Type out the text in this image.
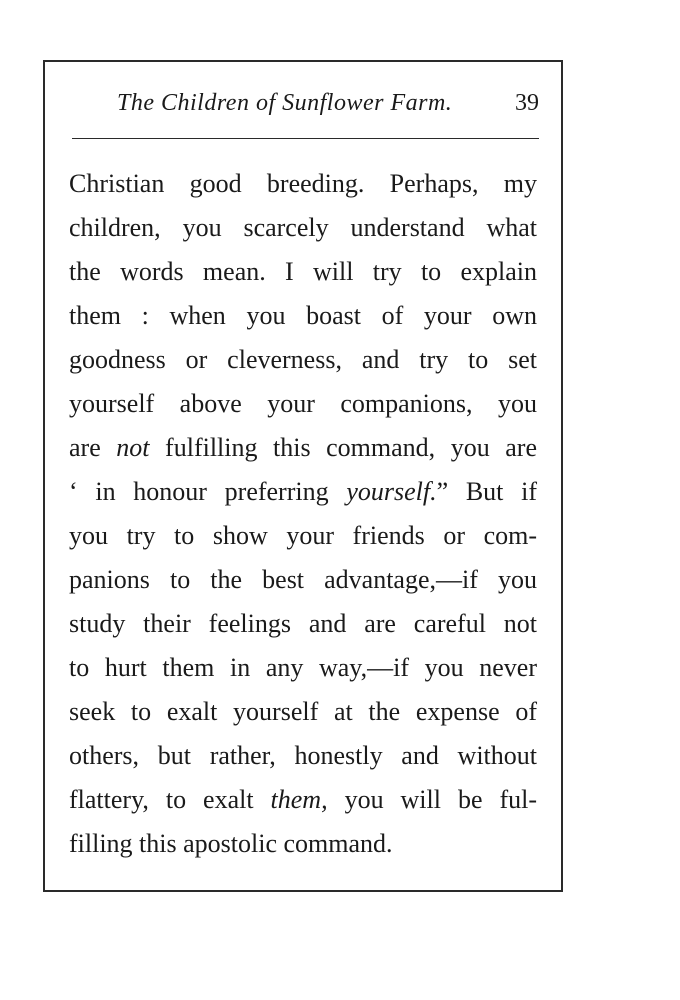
The Children of Sunflower Farm.	39
Christian good breeding. Perhaps, my
children, you scarcely understand what
the words mean. I will try to explain
them : when you boast of your own
goodness or cleverness, and try to set
yourself above your companions, you
are not fulfilling this command, you are
‘ in honour preferring yourself.” But if
you try to show your friends or com-
panions to the best advantage,—if you
study their feelings and are careful not
to hurt them in any way,—if you never
seek to exalt yourself at the expense of
others, but rather, honestly and without
flattery, to exalt them, you will be ful-
filling this apostolic command.
